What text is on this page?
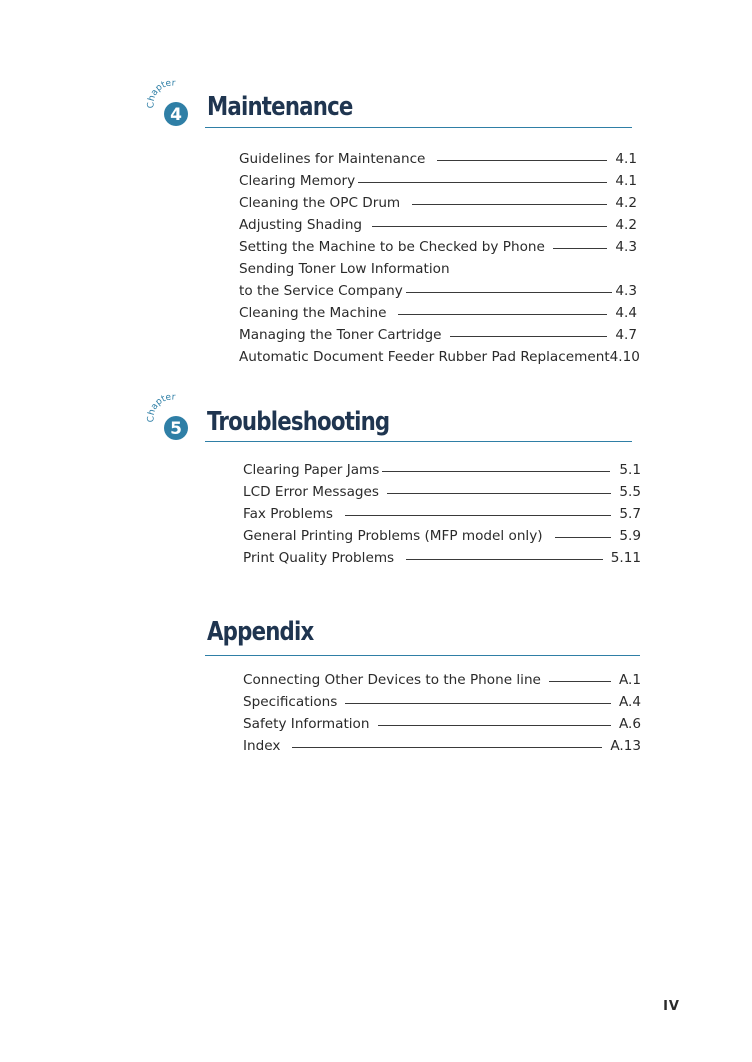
Chapter
4 Maintenance
Guidelines for Maintenance	4.1
Clearing Memory	4.1
Cleaning the OPC Drum	4.2
Adjusting Shading	4.2
Setting the Machine to be Checked by Phone	4.3
Sending Toner Low Information
to the Service Company	4.3
Cleaning the Machine	4.4
Managing the Toner Cartridge	4.7
Automatic Document Feeder Rubber Pad Replacement 4.10
Chapter
5 Troubleshooting
Clearing Paper Jams	5.1
LCD Error Messages	5.5
Fax Problems	5.7
General Printing Problems (MFP model only)	5.9
Print Quality Problems	5.11
Appendix
Connecting Other Devices to the Phone line	A.1
Specifications	A.4
Safety Information	A.6
Index	A.13
IV
